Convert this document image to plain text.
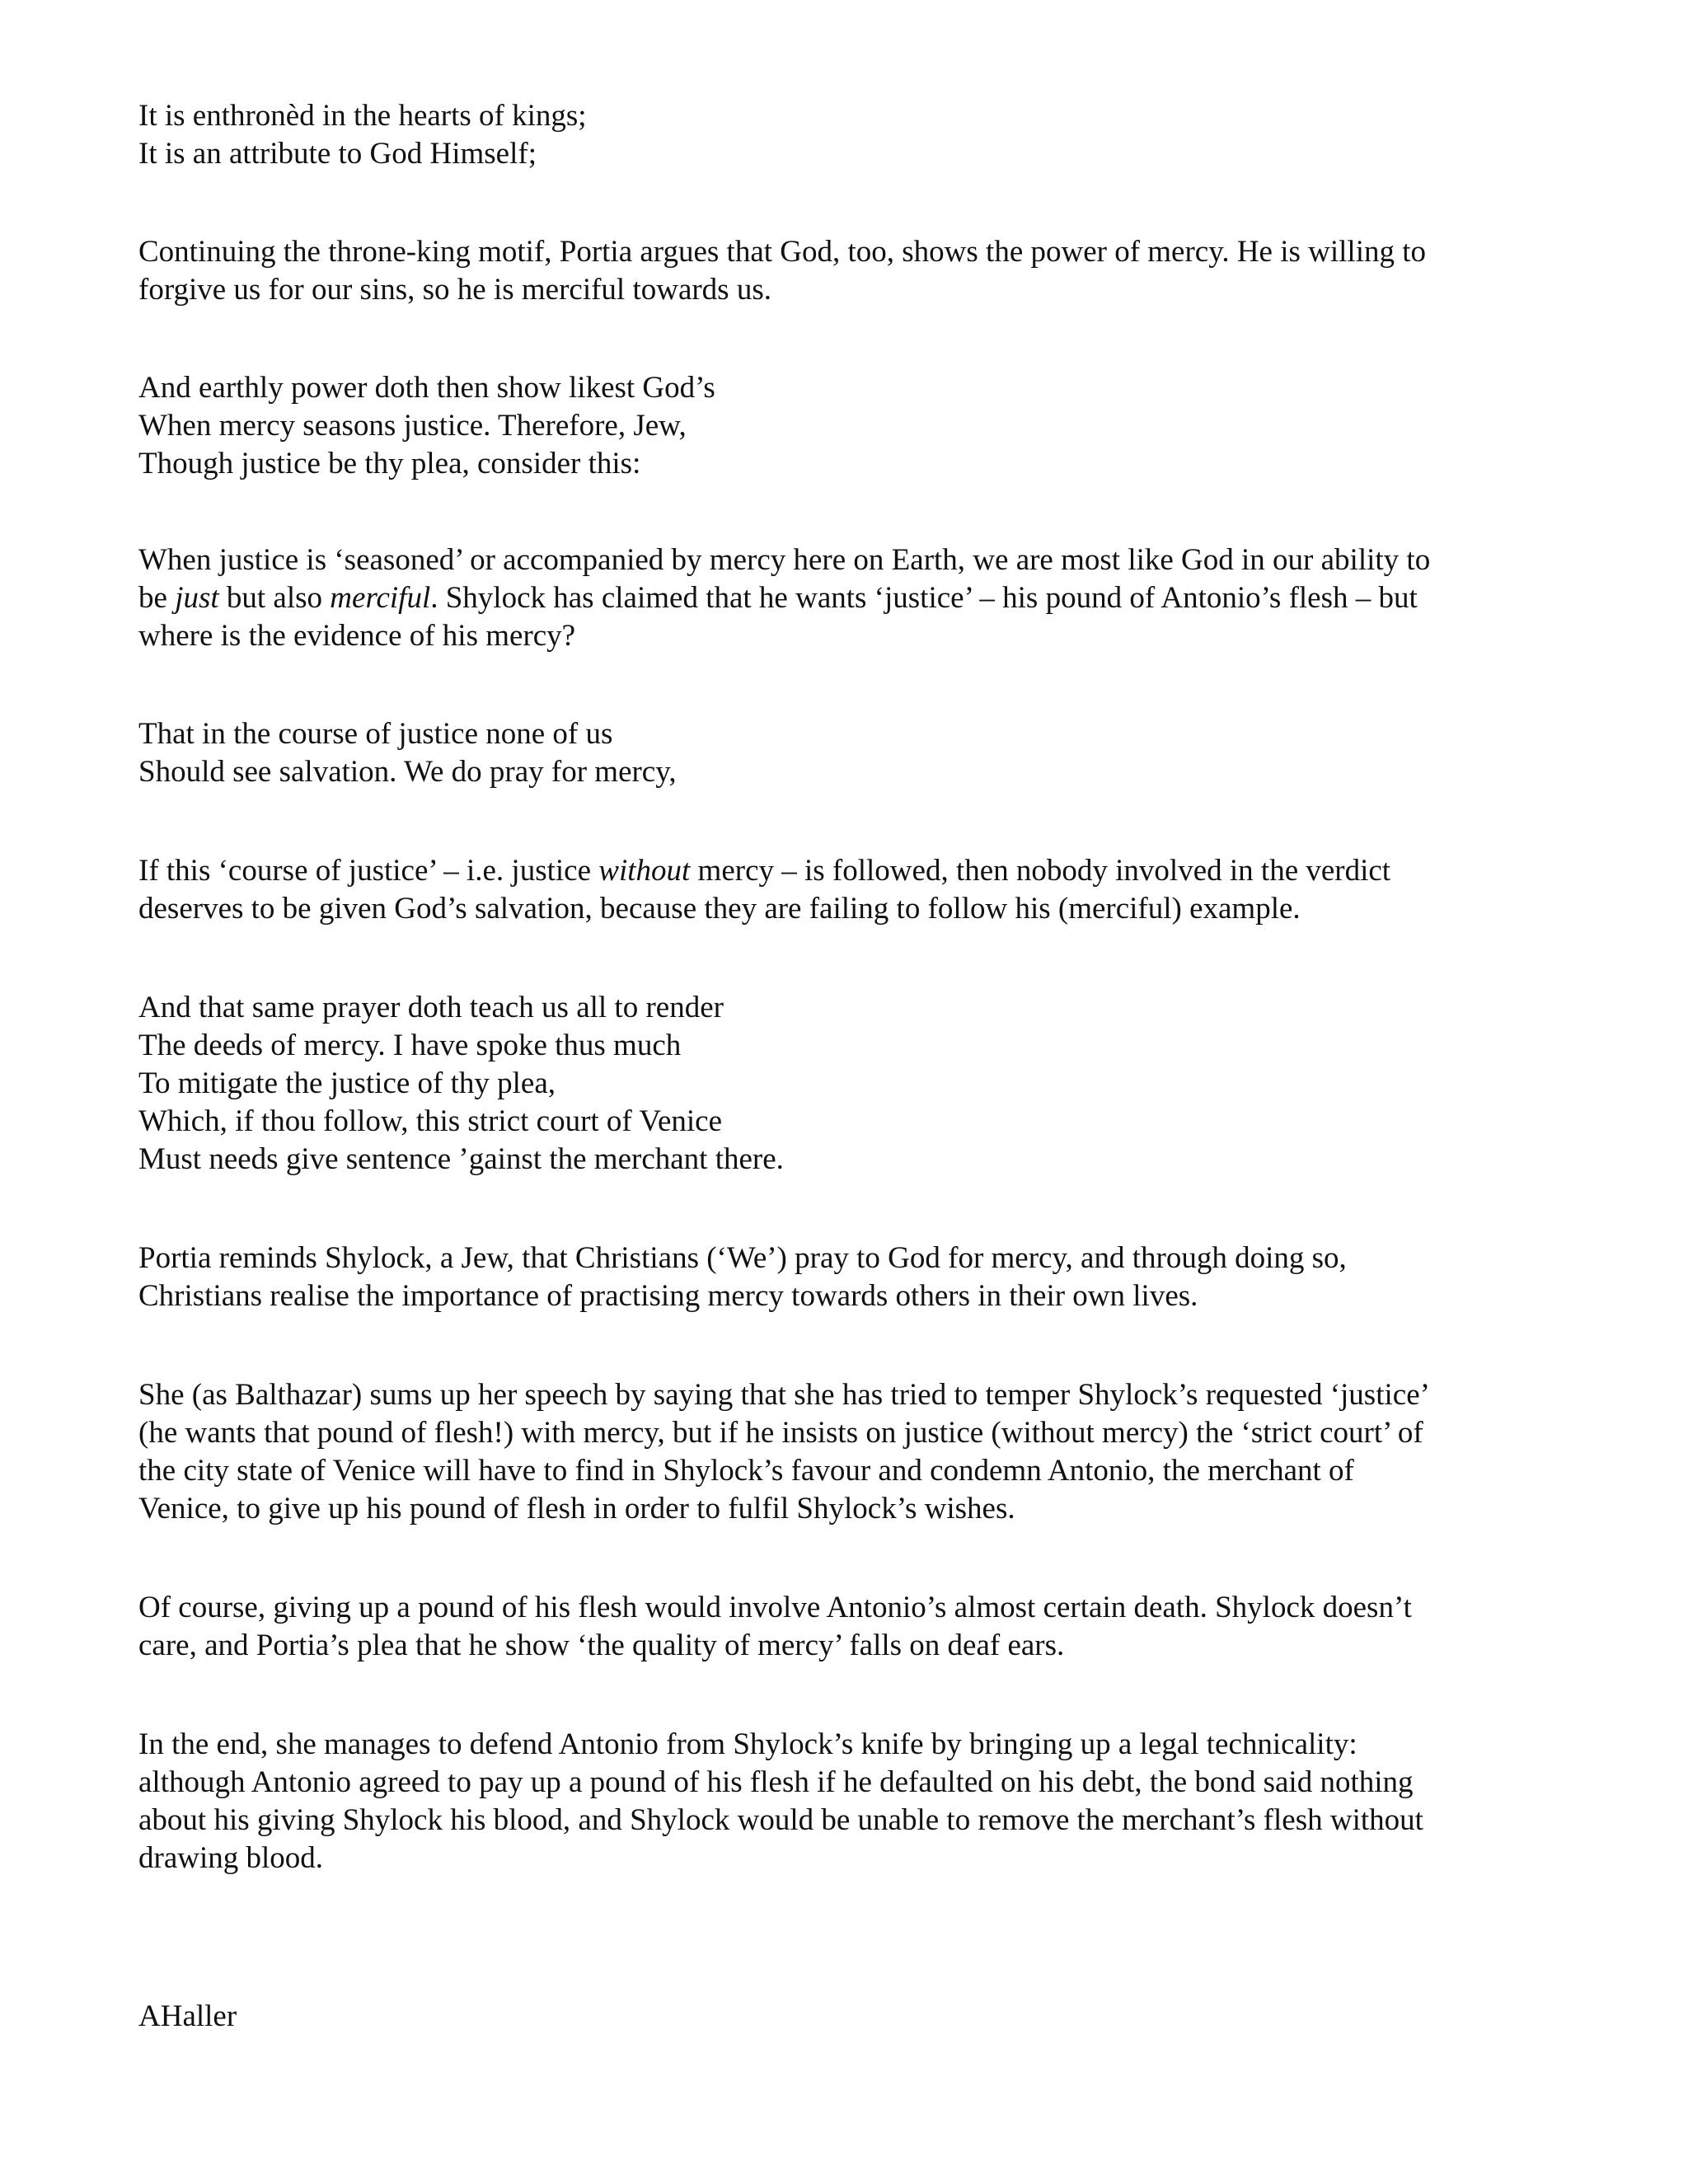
It is enthronèd in the hearts of kings;
It is an attribute to God Himself;
Continuing the throne-king motif, Portia argues that God, too, shows the power of mercy. He is willing to
forgive us for our sins, so he is merciful towards us.
And earthly power doth then show likest God’s
When mercy seasons justice. Therefore, Jew,
Though justice be thy plea, consider this:
When justice is ‘seasoned’ or accompanied by mercy here on Earth, we are most like God in our ability to
be just but also merciful. Shylock has claimed that he wants ‘justice’ – his pound of Antonio’s flesh – but
where is the evidence of his mercy?
That in the course of justice none of us
Should see salvation. We do pray for mercy,
If this ‘course of justice’ – i.e. justice without mercy – is followed, then nobody involved in the verdict
deserves to be given God’s salvation, because they are failing to follow his (merciful) example.
And that same prayer doth teach us all to render
The deeds of mercy. I have spoke thus much
To mitigate the justice of thy plea,
Which, if thou follow, this strict court of Venice
Must needs give sentence ’gainst the merchant there.
Portia reminds Shylock, a Jew, that Christians (‘We’) pray to God for mercy, and through doing so,
Christians realise the importance of practising mercy towards others in their own lives.
She (as Balthazar) sums up her speech by saying that she has tried to temper Shylock’s requested ‘justice’
(he wants that pound of flesh!) with mercy, but if he insists on justice (without mercy) the ‘strict court’ of
the city state of Venice will have to find in Shylock’s favour and condemn Antonio, the merchant of
Venice, to give up his pound of flesh in order to fulfil Shylock’s wishes.
Of course, giving up a pound of his flesh would involve Antonio’s almost certain death. Shylock doesn’t
care, and Portia’s plea that he show ‘the quality of mercy’ falls on deaf ears.
In the end, she manages to defend Antonio from Shylock’s knife by bringing up a legal technicality:
although Antonio agreed to pay up a pound of his flesh if he defaulted on his debt, the bond said nothing
about his giving Shylock his blood, and Shylock would be unable to remove the merchant’s flesh without
drawing blood.
AHaller
